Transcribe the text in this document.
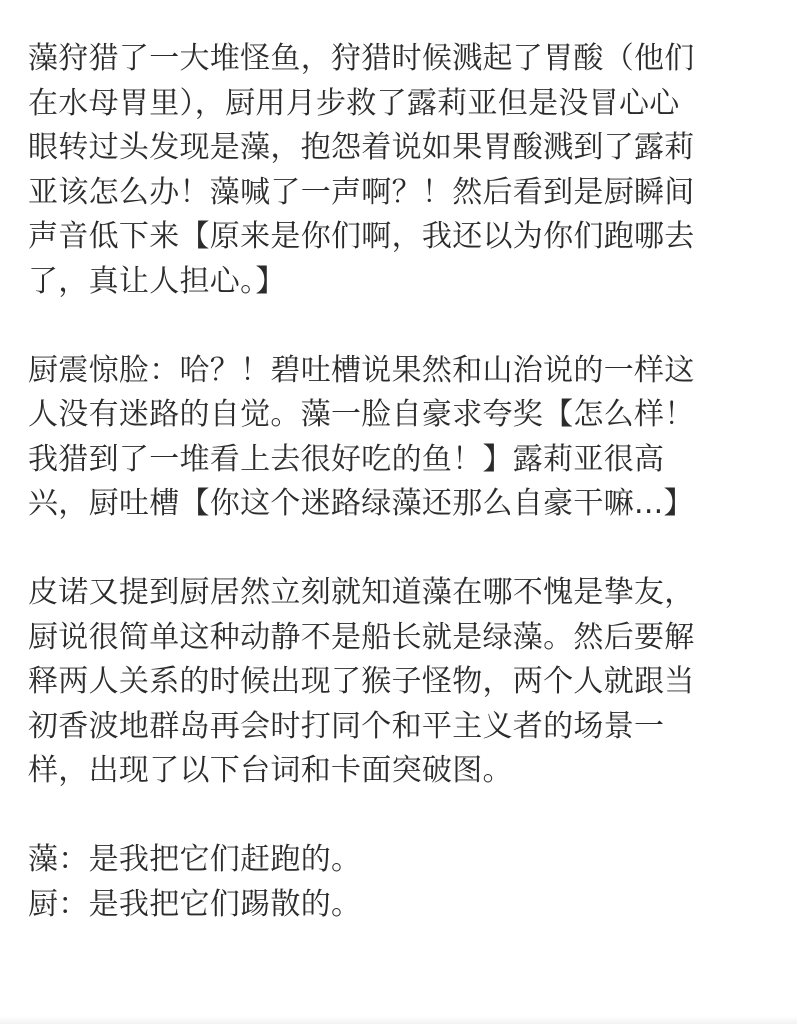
藻狩猎了一大堆怪鱼，狩猎时候溅起了胃酸（他们
在水母胃里），厨用月步救了露莉亚但是没冒心心
眼转过头发现是藻，抱怨着说如果胃酸溅到了露莉
亚该怎么办！藻喊了一声啊？！然后看到是厨瞬间
声音低下来【原来是你们啊，我还以为你们跑哪去
了，真让人担心。】
厨震惊脸：哈？！碧吐槽说果然和山治说的一样这
人没有迷路的自觉。藻一脸自豪求夸奖【怎么样！
我猎到了一堆看上去很好吃的鱼！】露莉亚很高
兴，厨吐槽【你这个迷路绿藻还那么自豪干嘛...】
皮诺又提到厨居然立刻就知道藻在哪不愧是挚友，
厨说很简单这种动静不是船长就是绿藻。然后要解
释两人关系的时候出现了猴子怪物，两个人就跟当
初香波地群岛再会时打同个和平主义者的场景一
样，出现了以下台词和卡面突破图。
藻：是我把它们赶跑的。
厨：是我把它们踢散的。
